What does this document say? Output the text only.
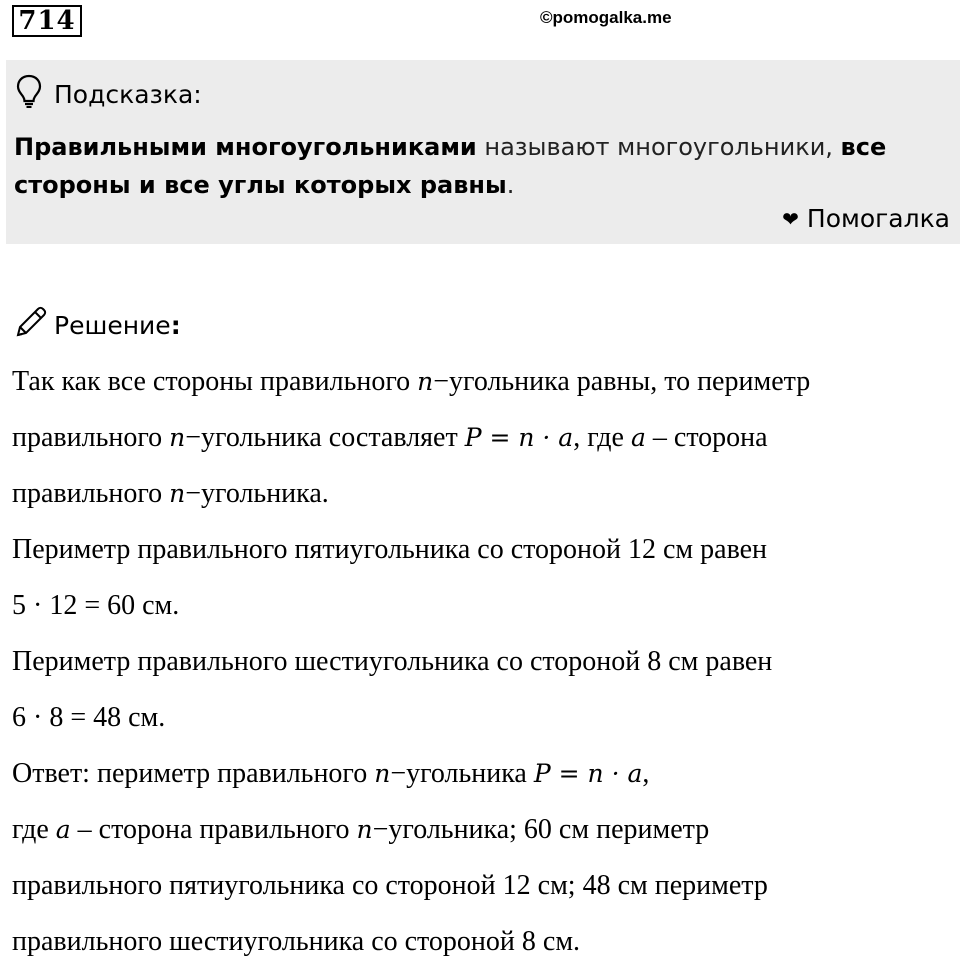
714	©pomogalka.me
Подсказка:
Правильными многоугольниками называют многоугольники, все стороны и все углы которых равны.
❤ Помогалка
Решение :
Так как все стороны правильного n−угольника равны, то периметр
правильного n−угольника составляет P = n · a, где a – сторона
правильного n−угольника.
Периметр правильного пятиугольника со стороной 12 см равен
5 · 12 = 60 см.
Периметр правильного шестиугольника со стороной 8 см равен
6 · 8 = 48 см.
Ответ: периметр правильного n−угольника P = n · a,
где a – сторона правильного n−угольника; 60 см периметр
правильного пятиугольника со стороной 12 см; 48 см периметр
правильного шестиугольника со стороной 8 см.
